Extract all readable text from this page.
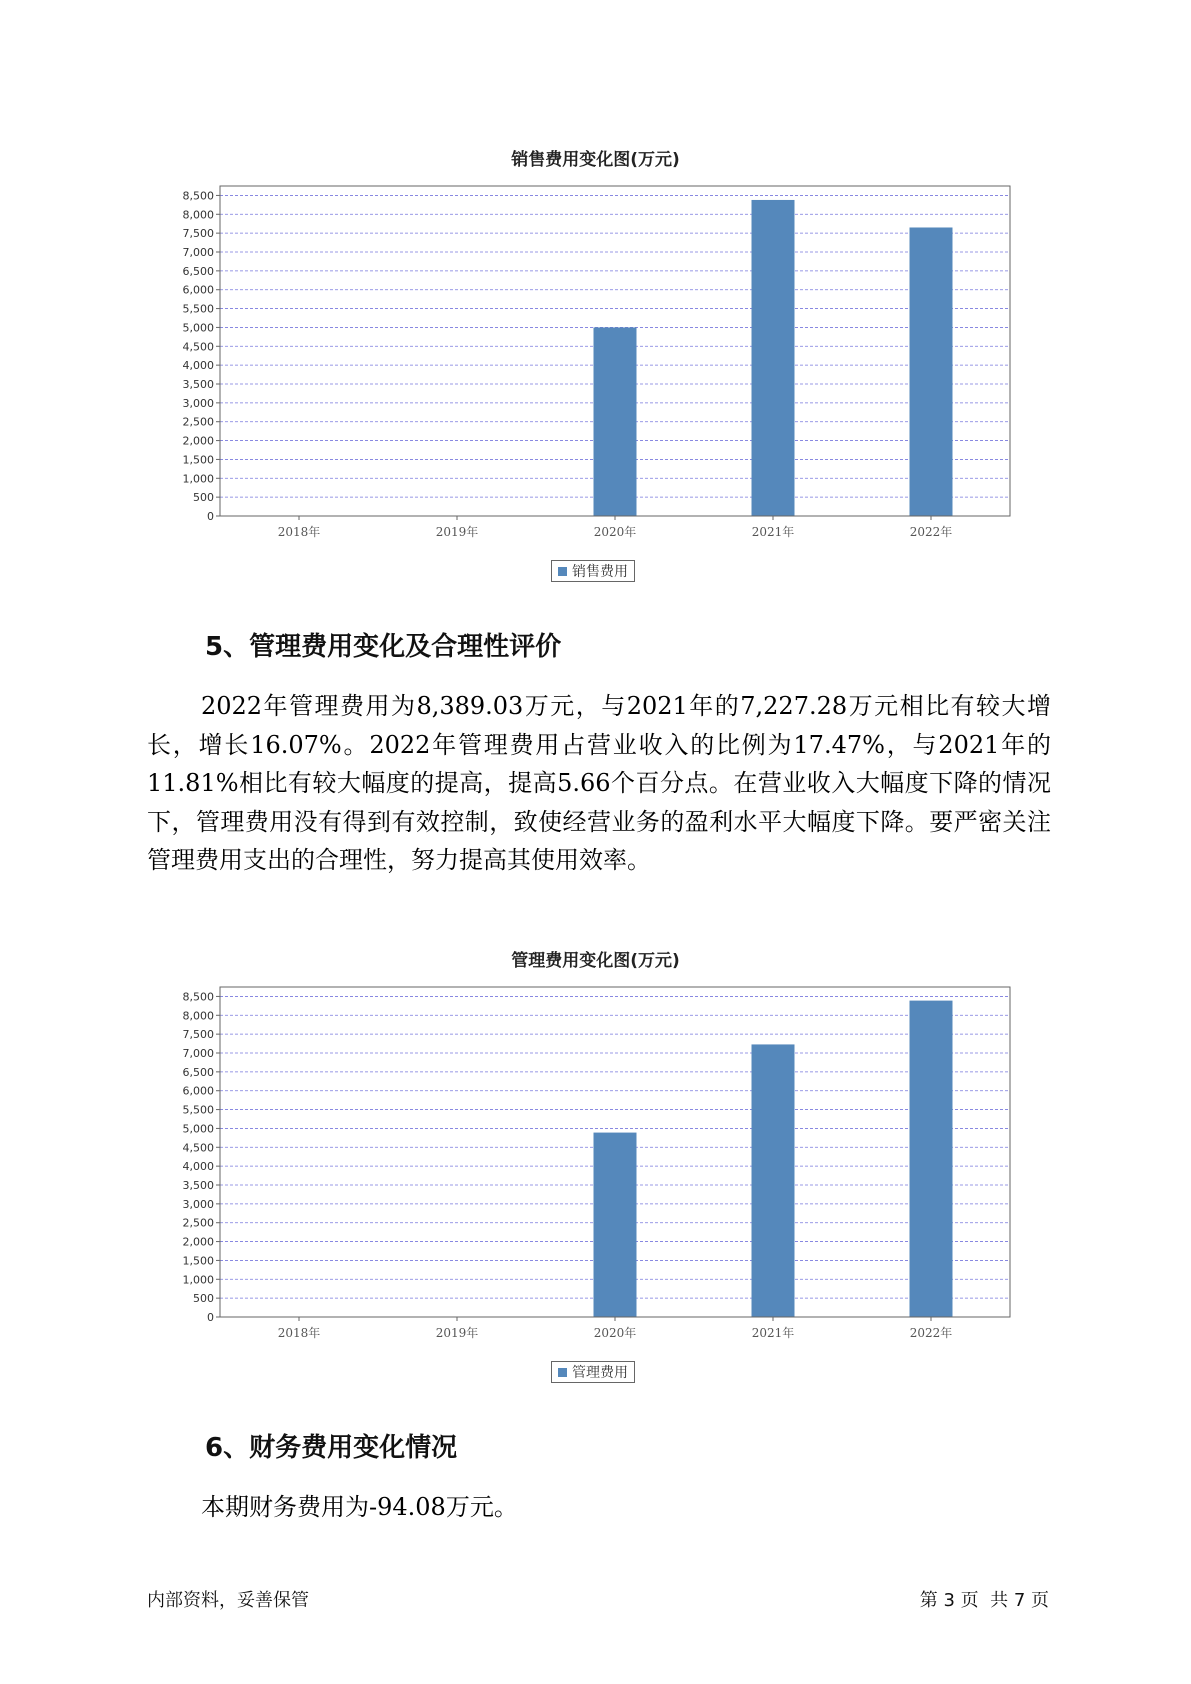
销售费用变化图(万元)
0
500
1,000
1,500
2,000
2,500
3,000
3,500
4,000
4,500
5,000
5,500
6,000
6,500
7,000
7,500
8,000
8,500
2018年	2019年	2020年	2021年	2022年
销售费用
5、管理费用变化及合理性评价

2022年管理费用为8,389.03万元，与2021年的7,227.28万元相比有较大增长，增长16.07%。2022年管理费用占营业收入的比例为17.47%，与2021年的11.81%相比有较大幅度的提高，提高5.66个百分点。在营业收入大幅度下降的情况下，管理费用没有得到有效控制，致使经营业务的盈利水平大幅度下降。要严密关注管理费用支出的合理性，努力提高其使用效率。

管理费用变化图(万元)
0
500
1,000
1,500
2,000
2,500
3,000
3,500
4,000
4,500
5,000
5,500
6,000
6,500
7,000
7,500
8,000
8,500
2018年	2019年	2020年	2021年	2022年
管理费用
6、财务费用变化情况

本期财务费用为-94.08万元。

内部资料，妥善保管	第 3 页  共 7 页
